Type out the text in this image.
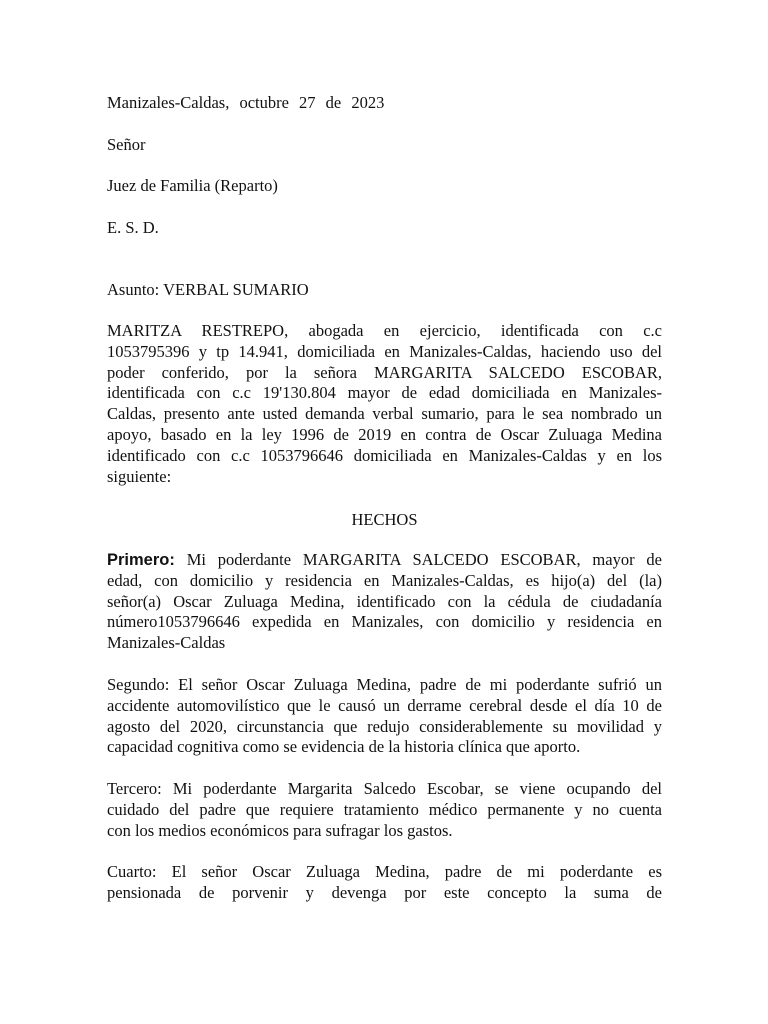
Manizales-Caldas, octubre 27 de 2023
Señor
Juez de Familia (Reparto)
E. S. D.
Asunto: VERBAL SUMARIO
MARITZA RESTREPO, abogada en ejercicio, identificada con c.c
1053795396 y tp 14.941, domiciliada en Manizales-Caldas, haciendo uso del
poder conferido, por la señora MARGARITA SALCEDO ESCOBAR,
identificada con c.c 19'130.804 mayor de edad domiciliada en Manizales-
Caldas, presento ante usted demanda verbal sumario, para le sea nombrado un
apoyo, basado en la ley 1996 de 2019 en contra de Oscar Zuluaga Medina
identificado con c.c 1053796646 domiciliada en Manizales-Caldas y en los
siguiente:
HECHOS
Primero: Mi poderdante MARGARITA SALCEDO ESCOBAR, mayor de
edad, con domicilio y residencia en Manizales-Caldas, es hijo(a) del (la)
señor(a) Oscar Zuluaga Medina, identificado con la cédula de ciudadanía
número1053796646 expedida en Manizales, con domicilio y residencia en
Manizales-Caldas
Segundo: El señor Oscar Zuluaga Medina, padre de mi poderdante sufrió un
accidente automovilístico que le causó un derrame cerebral desde el día 10 de
agosto del 2020, circunstancia que redujo considerablemente su movilidad y
capacidad cognitiva como se evidencia de la historia clínica que aporto.
Tercero: Mi poderdante Margarita Salcedo Escobar, se viene ocupando del
cuidado del padre que requiere tratamiento médico permanente y no cuenta
con los medios económicos para sufragar los gastos.
Cuarto: El señor Oscar Zuluaga Medina, padre de mi poderdante es
pensionada de porvenir y devenga por este concepto la suma de
